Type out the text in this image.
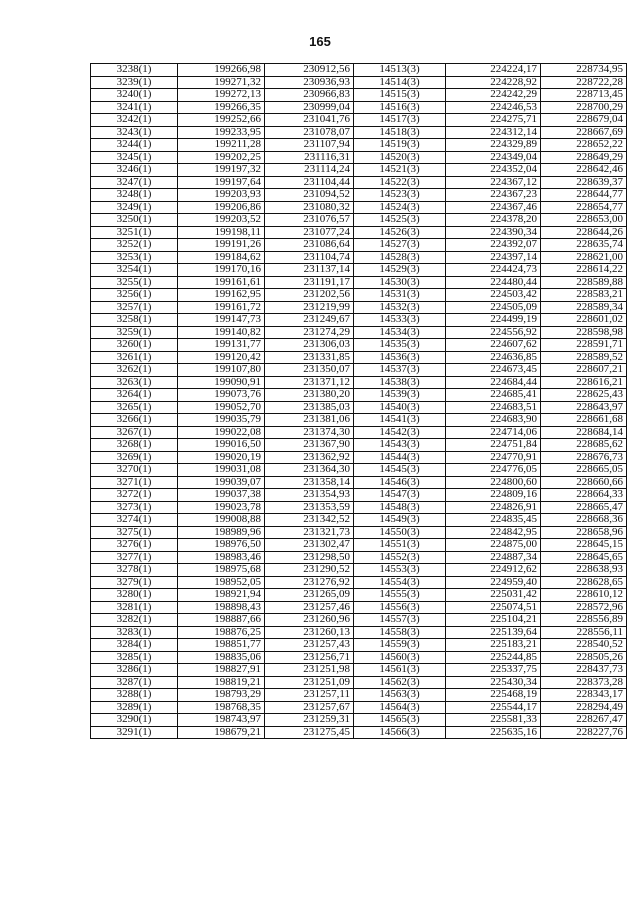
165
3238(1)	199266,98	230912,56	14513(3)	224224,17	228734,95
3239(1)	199271,32	230936,93	14514(3)	224228,92	228722,28
3240(1)	199272,13	230966,83	14515(3)	224242,29	228713,45
3241(1)	199266,35	230999,04	14516(3)	224246,53	228700,29
3242(1)	199252,66	231041,76	14517(3)	224275,71	228679,04
3243(1)	199233,95	231078,07	14518(3)	224312,14	228667,69
3244(1)	199211,28	231107,94	14519(3)	224329,89	228652,22
3245(1)	199202,25	231116,31	14520(3)	224349,04	228649,29
3246(1)	199197,32	231114,24	14521(3)	224352,04	228642,46
3247(1)	199197,64	231104,44	14522(3)	224367,12	228639,37
3248(1)	199203,93	231094,52	14523(3)	224367,23	228644,77
3249(1)	199206,86	231080,32	14524(3)	224367,46	228654,77
3250(1)	199203,52	231076,57	14525(3)	224378,20	228653,00
3251(1)	199198,11	231077,24	14526(3)	224390,34	228644,26
3252(1)	199191,26	231086,64	14527(3)	224392,07	228635,74
3253(1)	199184,62	231104,74	14528(3)	224397,14	228621,00
3254(1)	199170,16	231137,14	14529(3)	224424,73	228614,22
3255(1)	199161,61	231191,17	14530(3)	224480,44	228589,88
3256(1)	199162,95	231202,56	14531(3)	224503,42	228583,21
3257(1)	199161,72	231219,99	14532(3)	224505,09	228589,34
3258(1)	199147,73	231249,67	14533(3)	224499,19	228601,02
3259(1)	199140,82	231274,29	14534(3)	224556,92	228598,98
3260(1)	199131,77	231306,03	14535(3)	224607,62	228591,71
3261(1)	199120,42	231331,85	14536(3)	224636,85	228589,52
3262(1)	199107,80	231350,07	14537(3)	224673,45	228607,21
3263(1)	199090,91	231371,12	14538(3)	224684,44	228616,21
3264(1)	199073,76	231380,20	14539(3)	224685,41	228625,43
3265(1)	199052,70	231385,03	14540(3)	224683,51	228643,97
3266(1)	199035,79	231381,06	14541(3)	224683,90	228661,68
3267(1)	199022,08	231374,30	14542(3)	224714,06	228684,14
3268(1)	199016,50	231367,90	14543(3)	224751,84	228685,62
3269(1)	199020,19	231362,92	14544(3)	224770,91	228676,73
3270(1)	199031,08	231364,30	14545(3)	224776,05	228665,05
3271(1)	199039,07	231358,14	14546(3)	224800,60	228660,66
3272(1)	199037,38	231354,93	14547(3)	224809,16	228664,33
3273(1)	199023,78	231353,59	14548(3)	224826,91	228665,47
3274(1)	199008,88	231342,52	14549(3)	224835,45	228668,36
3275(1)	198989,96	231321,73	14550(3)	224842,95	228658,96
3276(1)	198976,50	231302,47	14551(3)	224875,00	228645,15
3277(1)	198983,46	231298,50	14552(3)	224887,34	228645,65
3278(1)	198975,68	231290,52	14553(3)	224912,62	228638,93
3279(1)	198952,05	231276,92	14554(3)	224959,40	228628,65
3280(1)	198921,94	231265,09	14555(3)	225031,42	228610,12
3281(1)	198898,43	231257,46	14556(3)	225074,51	228572,96
3282(1)	198887,66	231260,96	14557(3)	225104,21	228556,89
3283(1)	198876,25	231260,13	14558(3)	225139,64	228556,11
3284(1)	198851,77	231257,43	14559(3)	225183,21	228540,52
3285(1)	198835,06	231256,71	14560(3)	225244,85	228505,26
3286(1)	198827,91	231251,98	14561(3)	225337,75	228437,73
3287(1)	198819,21	231251,09	14562(3)	225430,34	228373,28
3288(1)	198793,29	231257,11	14563(3)	225468,19	228343,17
3289(1)	198768,35	231257,67	14564(3)	225544,17	228294,49
3290(1)	198743,97	231259,31	14565(3)	225581,33	228267,47
3291(1)	198679,21	231275,45	14566(3)	225635,16	228227,76
